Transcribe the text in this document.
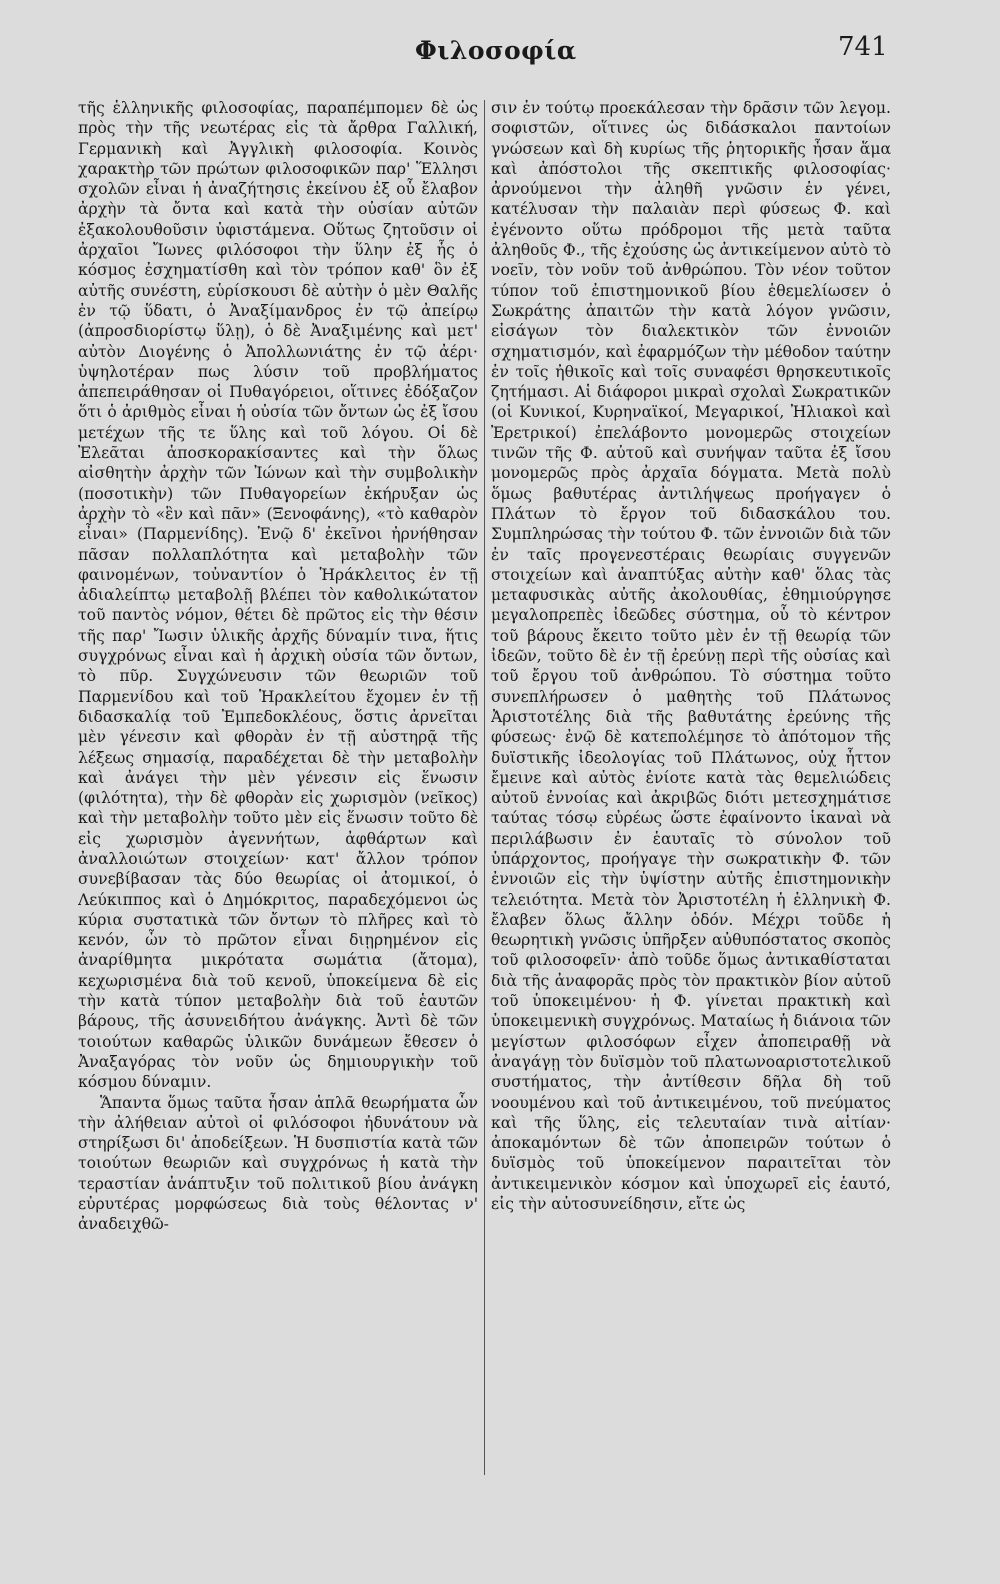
Φιλοσοφία	741

τῆς ἑλληνικῆς φιλοσοφίας, παραπέμπομεν δὲ ὡς πρὸς τὴν τῆς νεωτέρας εἰς τὰ ἄρθρα Γαλλική, Γερμανικὴ καὶ Ἀγγλικὴ φιλοσοφία. Κοινὸς χαρακτὴρ τῶν πρώτων φιλοσοφικῶν παρ' Ἕλλησι σχολῶν εἶναι ἡ ἀναζήτησις ἐκείνου ἐξ οὗ ἔλαβον ἀρχὴν τὰ ὄντα καὶ κατὰ τὴν οὐσίαν αὐτῶν ἐξακολουθοῦσιν ὑφιστάμενα. Οὕτως ζητοῦσιν οἱ ἀρχαῖοι Ἴωνες φιλόσοφοι τὴν ὕλην ἐξ ἧς ὁ κόσμος ἐσχηματίσθη καὶ τὸν τρόπον καθ' ὃν ἐξ αὐτῆς συνέστη, εὑρίσκουσι δὲ αὐτὴν ὁ μὲν Θαλῆς ἐν τῷ ὕδατι, ὁ Ἀναξίμανδρος ἐν τῷ ἀπείρῳ (ἀπροσδιορίστῳ ὕλῃ), ὁ δὲ Ἀναξιμένης καὶ μετ' αὐτὸν Διογένης ὁ Ἀπολλωνιάτης ἐν τῷ ἀέρι· ὑψηλοτέραν πως λύσιν τοῦ προβλήματος ἀπεπειράθησαν οἱ Πυθαγόρειοι, οἵτινες ἐδόξαζον ὅτι ὁ ἀριθμὸς εἶναι ἡ οὐσία τῶν ὄντων ὡς ἐξ ἴσου μετέχων τῆς τε ὕλης καὶ τοῦ λόγου. Οἱ δὲ Ἐλεᾶται ἀποσκορακίσαντες καὶ τὴν ὅλως αἰσθητὴν ἀρχὴν τῶν Ἰώνων καὶ τὴν συμβολικὴν (ποσοτικὴν) τῶν Πυθαγορείων ἐκήρυξαν ὡς ἀρχὴν τὸ «ἓν καὶ πᾶν» (Ξενοφάνης), «τὸ καθαρὸν εἶναι» (Παρμενίδης). Ἐνῷ δ' ἐκεῖνοι ἠρνήθησαν πᾶσαν πολλαπλότητα καὶ μεταβολὴν τῶν φαινομένων, τοὐναντίον ὁ Ἡράκλειτος ἐν τῇ ἀδιαλείπτῳ μεταβολῇ βλέπει τὸν καθολικώτατον τοῦ παντὸς νόμον, θέτει δὲ πρῶτος εἰς τὴν θέσιν τῆς παρ' Ἴωσιν ὑλικῆς ἀρχῆς δύναμίν τινα, ἥτις συγχρόνως εἶναι καὶ ἡ ἀρχικὴ οὐσία τῶν ὄντων, τὸ πῦρ. Συγχώνευσιν τῶν θεωριῶν τοῦ Παρμενίδου καὶ τοῦ Ἡρακλείτου ἔχομεν ἐν τῇ διδασκαλίᾳ τοῦ Ἐμπεδοκλέους, ὅστις ἀρνεῖται μὲν γένεσιν καὶ φθορὰν ἐν τῇ αὐστηρᾷ τῆς λέξεως σημασίᾳ, παραδέχεται δὲ τὴν μεταβολὴν καὶ ἀνάγει τὴν μὲν γένεσιν εἰς ἕνωσιν (φιλότητα), τὴν δὲ φθορὰν εἰς χωρισμὸν (νεῖκος) καὶ τὴν μεταβολὴν τοῦτο μὲν εἰς ἕνωσιν τοῦτο δὲ εἰς χωρισμὸν ἀγεννήτων, ἀφθάρτων καὶ ἀναλλοιώτων στοιχείων· κατ' ἄλλον τρόπον συνεβίβασαν τὰς δύο θεωρίας οἱ ἀτομικοί, ὁ Λεύκιππος καὶ ὁ Δημόκριτος, παραδεχόμενοι ὡς κύρια συστατικὰ τῶν ὄντων τὸ πλῆρες καὶ τὸ κενόν, ὧν τὸ πρῶτον εἶναι διῃρημένον εἰς ἀναρίθμητα μικρότατα σωμάτια (ἄτομα), κεχωρισμένα διὰ τοῦ κενοῦ, ὑποκείμενα δὲ εἰς τὴν κατὰ τύπον μεταβολὴν διὰ τοῦ ἑαυτῶν βάρους, τῆς ἀσυνειδήτου ἀνάγκης. Ἀντὶ δὲ τῶν τοιούτων καθαρῶς ὑλικῶν δυνάμεων ἔθεσεν ὁ Ἀναξαγόρας τὸν νοῦν ὡς δημιουργικὴν τοῦ κόσμου δύναμιν.

Ἅπαντα ὅμως ταῦτα ἦσαν ἁπλᾶ θεωρήματα ὧν τὴν ἀλήθειαν αὐτοὶ οἱ φιλόσοφοι ἠδυνάτουν νὰ στηρίξωσι δι' ἀποδείξεων. Ἡ δυσπιστία κατὰ τῶν τοιούτων θεωριῶν καὶ συγχρόνως ἡ κατὰ τὴν τεραστίαν ἀνάπτυξιν τοῦ πολιτικοῦ βίου ἀνάγκη εὐρυτέρας μορφώσεως διὰ τοὺς θέλοντας ν' ἀναδειχθῶ-

σιν ἐν τούτῳ προεκάλεσαν τὴν δρᾶσιν τῶν λεγομ. σοφιστῶν, οἵτινες ὡς διδάσκαλοι παντοίων γνώσεων καὶ δὴ κυρίως τῆς ῥητορικῆς ἦσαν ἅμα καὶ ἀπόστολοι τῆς σκεπτικῆς φιλοσοφίας· ἀρνούμενοι τὴν ἀληθῆ γνῶσιν ἐν γένει, κατέλυσαν τὴν παλαιὰν περὶ φύσεως Φ. καὶ ἐγένοντο οὕτω πρόδρομοι τῆς μετὰ ταῦτα ἀληθοῦς Φ., τῆς ἐχούσης ὡς ἀντικείμενον αὐτὸ τὸ νοεῖν, τὸν νοῦν τοῦ ἀνθρώπου. Τὸν νέον τοῦτον τύπον τοῦ ἐπιστημονικοῦ βίου ἐθεμελίωσεν ὁ Σωκράτης ἀπαιτῶν τὴν κατὰ λόγον γνῶσιν, εἰσάγων τὸν διαλεκτικὸν τῶν ἐννοιῶν σχηματισμόν, καὶ ἐφαρμόζων τὴν μέθοδον ταύτην ἐν τοῖς ἠθικοῖς καὶ τοῖς συναφέσι θρησκευτικοῖς ζητήμασι. Αἱ διάφοροι μικραὶ σχολαὶ Σωκρατικῶν (οἱ Κυνικοί, Κυρηναϊκοί, Μεγαρικοί, Ἠλιακοὶ καὶ Ἐρετρικοί) ἐπελάβοντο μονομερῶς στοιχείων τινῶν τῆς Φ. αὐτοῦ καὶ συνήψαν ταῦτα ἐξ ἴσου μονομερῶς πρὸς ἀρχαῖα δόγματα. Μετὰ πολὺ ὅμως βαθυτέρας ἀντιλήψεως προήγαγεν ὁ Πλάτων τὸ ἔργον τοῦ διδασκάλου του. Συμπληρώσας τὴν τούτου Φ. τῶν ἐννοιῶν διὰ τῶν ἐν ταῖς προγενεστέραις θεωρίαις συγγενῶν στοιχείων καὶ ἀναπτύξας αὐτὴν καθ' ὅλας τὰς μεταφυσικὰς αὐτῆς ἀκολουθίας, ἐθημιούργησε μεγαλοπρεπὲς ἰδεῶδες σύστημα, οὗ τὸ κέντρον τοῦ βάρους ἔκειτο τοῦτο μὲν ἐν τῇ θεωρίᾳ τῶν ἰδεῶν, τοῦτο δὲ ἐν τῇ ἐρεύνῃ περὶ τῆς οὐσίας καὶ τοῦ ἔργου τοῦ ἀνθρώπου. Τὸ σύστημα τοῦτο συνεπλήρωσεν ὁ μαθητὴς τοῦ Πλάτωνος Ἀριστοτέλης διὰ τῆς βαθυτάτης ἐρεύνης τῆς φύσεως· ἐνῷ δὲ κατεπολέμησε τὸ ἀπότομον τῆς δυϊστικῆς ἰδεολογίας τοῦ Πλάτωνος, οὐχ ἧττον ἔμεινε καὶ αὐτὸς ἐνίοτε κατὰ τὰς θεμελιώδεις αὐτοῦ ἐννοίας καὶ ἀκριβῶς διότι μετεσχημάτισε ταύτας τόσῳ εὐρέως ὥστε ἐφαίνοντο ἱκαναὶ νὰ περιλάβωσιν ἐν ἑαυταῖς τὸ σύνολον τοῦ ὑπάρχοντος, προήγαγε τὴν σωκρατικὴν Φ. τῶν ἐννοιῶν εἰς τὴν ὑψίστην αὐτῆς ἐπιστημονικὴν τελειότητα. Μετὰ τὸν Ἀριστοτέλη ἡ ἑλληνικὴ Φ. ἔλαβεν ὅλως ἄλλην ὁδόν. Μέχρι τοῦδε ἡ θεωρητικὴ γνῶσις ὑπῆρξεν αὐθυπόστατος σκοπὸς τοῦ φιλοσοφεῖν· ἀπὸ τοῦδε ὅμως ἀντικαθίσταται διὰ τῆς ἀναφορᾶς πρὸς τὸν πρακτικὸν βίον αὐτοῦ τοῦ ὑποκειμένου· ἡ Φ. γίνεται πρακτικὴ καὶ ὑποκειμενικὴ συγχρόνως. Ματαίως ἡ διάνοια τῶν μεγίστων φιλοσόφων εἶχεν ἀποπειραθῇ νὰ ἀναγάγῃ τὸν δυϊσμὸν τοῦ πλατωνοαριστοτελικοῦ συστήματος, τὴν ἀντίθεσιν δῆλα δὴ τοῦ νοουμένου καὶ τοῦ ἀντικειμένου, τοῦ πνεύματος καὶ τῆς ὕλης, εἰς τελευταίαν τινὰ αἰτίαν· ἀποκαμόντων δὲ τῶν ἀποπειρῶν τούτων ὁ δυϊσμὸς τοῦ ὑποκείμενον παραιτεῖται τὸν ἀντικειμενικὸν κόσμον καὶ ὑποχωρεῖ εἰς ἑαυτό, εἰς τὴν αὐτοσυνείδησιν, εἴτε ὡς
